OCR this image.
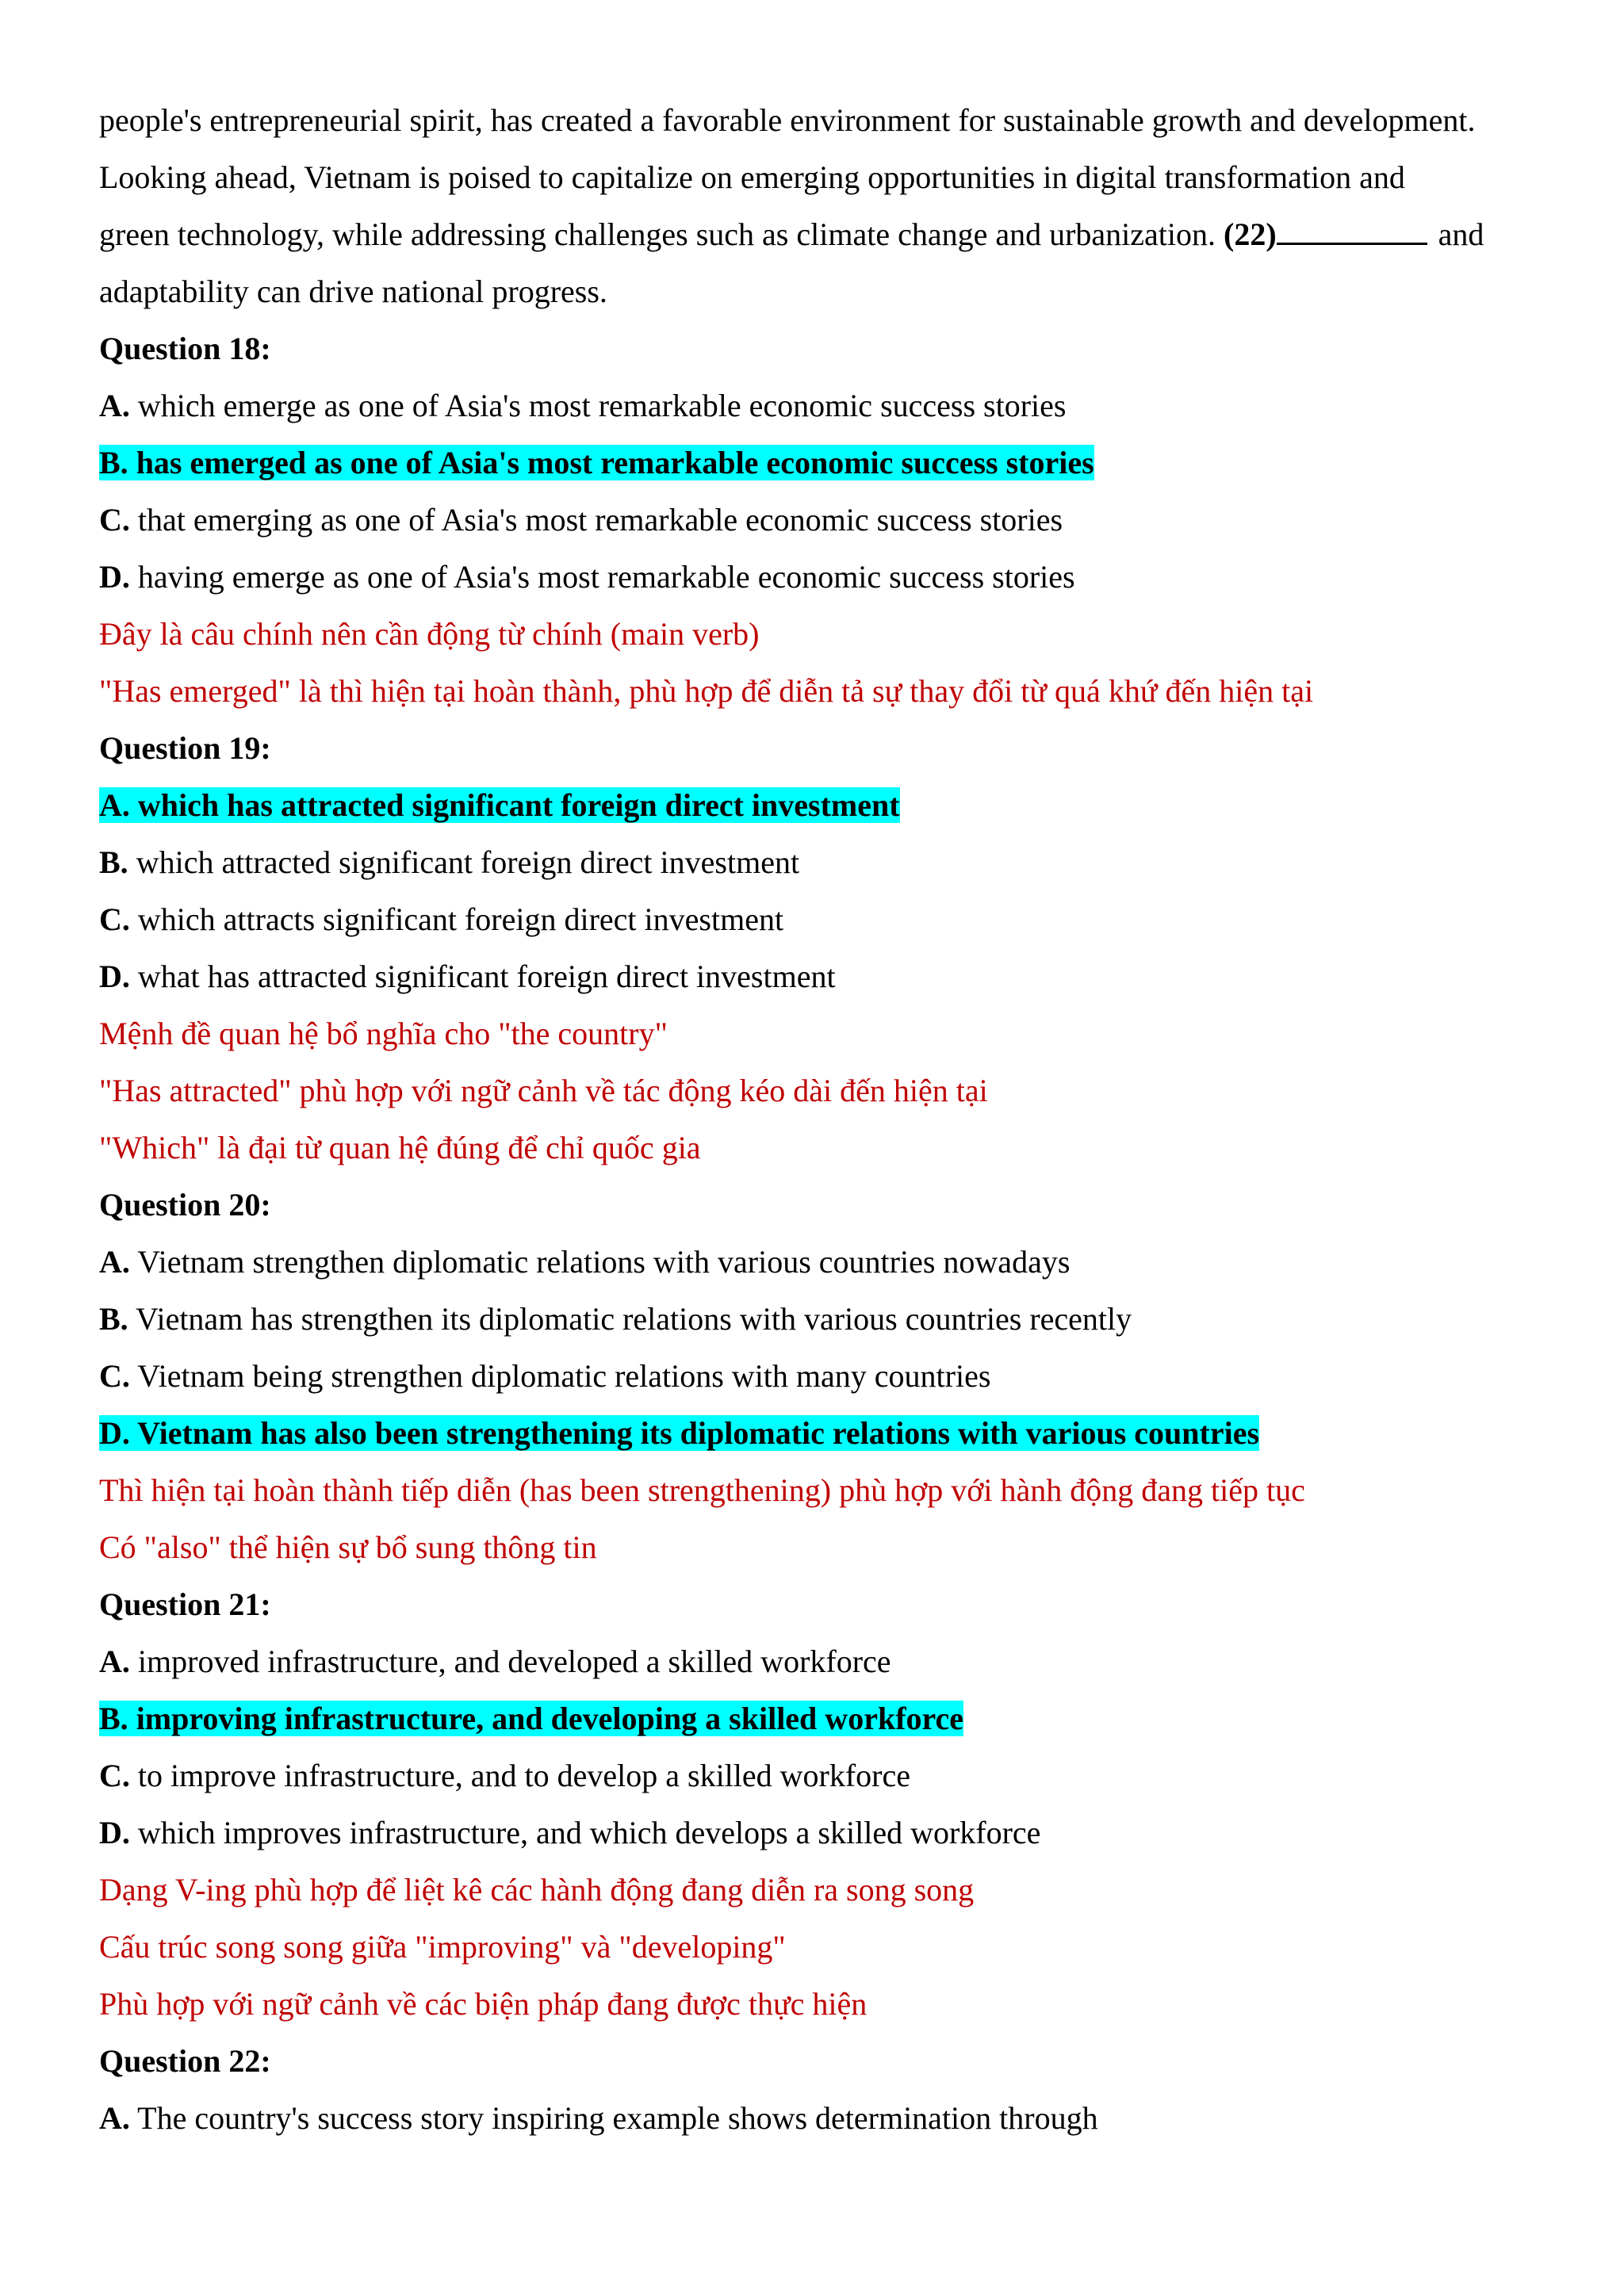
people's entrepreneurial spirit, has created a favorable environment for sustainable growth and development.
Looking ahead, Vietnam is poised to capitalize on emerging opportunities in digital transformation and
green technology, while addressing challenges such as climate change and urbanization. (22)	and
adaptability can drive national progress.

Question 18:
A. which emerge as one of Asia's most remarkable economic success stories
B. has emerged as one of Asia's most remarkable economic success stories
C. that emerging as one of Asia's most remarkable economic success stories
D. having emerge as one of Asia's most remarkable economic success stories
Đây là câu chính nên cần động từ chính (main verb)
"Has emerged" là thì hiện tại hoàn thành, phù hợp để diễn tả sự thay đổi từ quá khứ đến hiện tại
Question 19:
A. which has attracted significant foreign direct investment
B. which attracted significant foreign direct investment
C. which attracts significant foreign direct investment
D. what has attracted significant foreign direct investment
Mệnh đề quan hệ bổ nghĩa cho "the country"
"Has attracted" phù hợp với ngữ cảnh về tác động kéo dài đến hiện tại
"Which" là đại từ quan hệ đúng để chỉ quốc gia
Question 20:
A. Vietnam strengthen diplomatic relations with various countries nowadays
B. Vietnam has strengthen its diplomatic relations with various countries recently
C. Vietnam being strengthen diplomatic relations with many countries
D. Vietnam has also been strengthening its diplomatic relations with various countries
Thì hiện tại hoàn thành tiếp diễn (has been strengthening) phù hợp với hành động đang tiếp tục
Có "also" thể hiện sự bổ sung thông tin
Question 21:
A. improved infrastructure, and developed a skilled workforce
B. improving infrastructure, and developing a skilled workforce
C. to improve infrastructure, and to develop a skilled workforce
D. which improves infrastructure, and which develops a skilled workforce
Dạng V-ing phù hợp để liệt kê các hành động đang diễn ra song song
Cấu trúc song song giữa "improving" và "developing"
Phù hợp với ngữ cảnh về các biện pháp đang được thực hiện
Question 22:
A. The country's success story inspiring example shows determination through
